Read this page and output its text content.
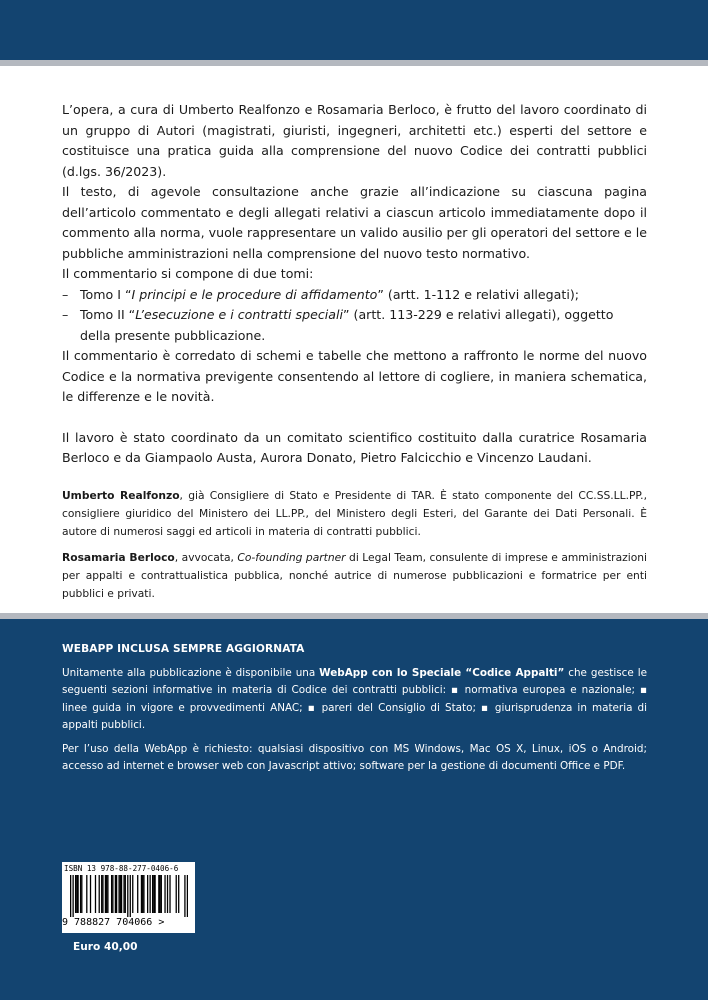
L’opera, a cura di Umberto Realfonzo e Rosamaria Berloco, è frutto del lavoro coordinato di un gruppo di Autori (magistrati, giuristi, ingegneri, architetti etc.) esperti del settore e costituisce una pratica guida alla comprensione del nuovo Codice dei contratti pubblici (d.lgs. 36/2023).

Il testo, di agevole consultazione anche grazie all’indicazione su ciascuna pagina dell’articolo commentato e degli allegati relativi a ciascun articolo immediatamente dopo il commento alla norma, vuole rappresentare un valido ausilio per gli operatori del settore e le pubbliche amministrazioni nella comprensione del nuovo testo normativo.

Il commentario si compone di due tomi:

– Tomo I “I principi e le procedure di affidamento” (artt. 1-112 e relativi allegati);
– Tomo II “L’esecuzione e i contratti speciali” (artt. 113-229 e relativi allegati), oggetto della presente pubblicazione.

Il commentario è corredato di schemi e tabelle che mettono a raffronto le norme del nuovo Codice e la normativa previgente consentendo al lettore di cogliere, in maniera schematica, le differenze e le novità.

Il lavoro è stato coordinato da un comitato scientifico costituito dalla curatrice Rosamaria Berloco e da Giampaolo Austa, Aurora Donato, Pietro Falcicchio e Vincenzo Laudani.

Umberto Realfonzo, già Consigliere di Stato e Presidente di TAR. È stato componente del CC.SS.LL.PP., consigliere giuridico del Ministero dei LL.PP., del Ministero degli Esteri, del Garante dei Dati Personali. È autore di numerosi saggi ed articoli in materia di contratti pubblici.

Rosamaria Berloco, avvocata, Co-founding partner di Legal Team, consulente di imprese e amministrazioni per appalti e contrattualistica pubblica, nonché autrice di numerose pubblicazioni e formatrice per enti pubblici e privati.

WEBAPP INCLUSA SEMPRE AGGIORNATA

Unitamente alla pubblicazione è disponibile una WebApp con lo Speciale “Codice Appalti” che gestisce le seguenti sezioni informative in materia di Codice dei contratti pubblici: ▪ normativa europea e nazionale; ▪ linee guida in vigore e provvedimenti ANAC; ▪ pareri del Consiglio di Stato; ▪ giurisprudenza in materia di appalti pubblici.

Per l’uso della WebApp è richiesto: qualsiasi dispositivo con MS Windows, Mac OS X, Linux, iOS o Android; accesso ad internet e browser web con Javascript attivo; software per la gestione di documenti Office e PDF.

ISBN 13 978-88-277-0406-6
9 788827 704066 >
Euro 40,00
